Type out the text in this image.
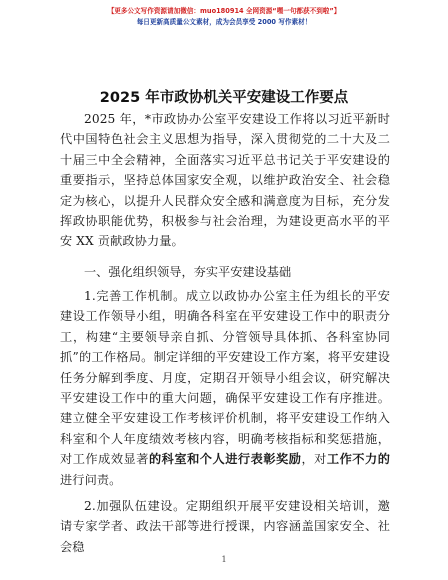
【更多公文写作资源请加微信：muo180914 全网资源“嘿一句都获不到啦”】
每日更新高质量公文素材，成为会员享受 2000 写作素材！
2025 年市政协机关平安建设工作要点

2025 年，*市政协办公室平安建设工作将以习近平新时代中国特色社会主义思想为指导，深入贯彻党的二十大及二十届三中全会精神，全面落实习近平总书记关于平安建设的重要指示，坚持总体国家安全观，以维护政治安全、社会稳定为核心，以提升人民群众安全感和满意度为目标，充分发挥政协职能优势，积极参与社会治理，为建设更高水平的平安 XX 贡献政协力量。

一、强化组织领导，夯实平安建设基础

1.完善工作机制。成立以政协办公室主任为组长的平安建设工作领导小组，明确各科室在平安建设工作中的职责分工，构建“主要领导亲自抓、分管领导具体抓、各科室协同抓”的工作格局。制定详细的平安建设工作方案，将平安建设任务分解到季度、月度，定期召开领导小组会议，研究解决平安建设工作中的重大问题，确保平安建设工作有序推进。建立健全平安建设工作考核评价机制，将平安建设工作纳入科室和个人年度绩效考核内容，明确考核指标和奖惩措施，对工作成效显著的科室和个人进行表彰奖励，对工作不力的进行问责。

2.加强队伍建设。定期组织开展平安建设相关培训，邀请专家学者、政法干部等进行授课，内容涵盖国家安全、社会稳

1
